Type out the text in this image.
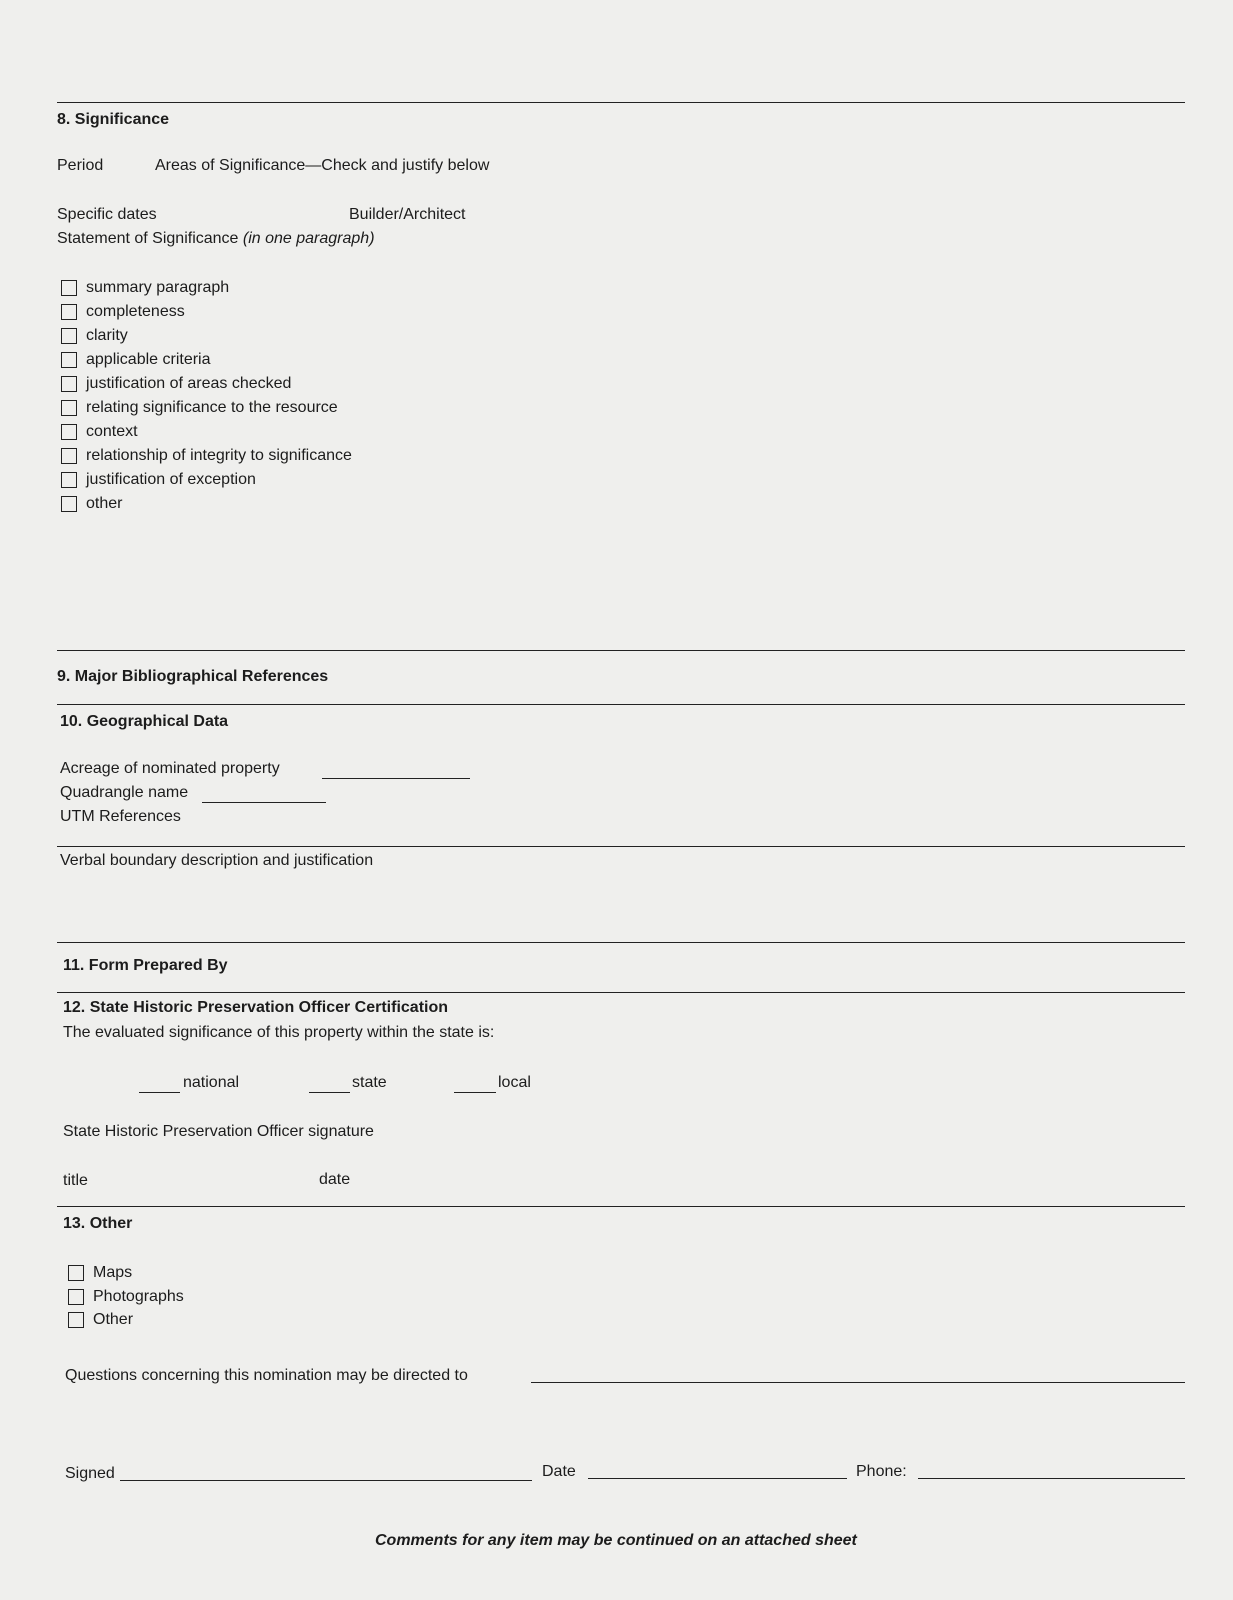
8. Significance
Period	Areas of Significance—Check and justify below
Specific dates	Builder/Architect
Statement of Significance (in one paragraph)
summary paragraph
completeness
clarity
applicable criteria
justification of areas checked
relating significance to the resource
context
relationship of integrity to significance
justification of exception
other
9. Major Bibliographical References
10. Geographical Data
Acreage of nominated property
Quadrangle name
UTM References
Verbal boundary description and justification
11. Form Prepared By
12. State Historic Preservation Officer Certification
The evaluated significance of this property within the state is:
national	state	local
State Historic Preservation Officer signature
title	date
13. Other
Maps
Photographs
Other
Questions concerning this nomination may be directed to
Signed	Date	Phone:
Comments for any item may be continued on an attached sheet
